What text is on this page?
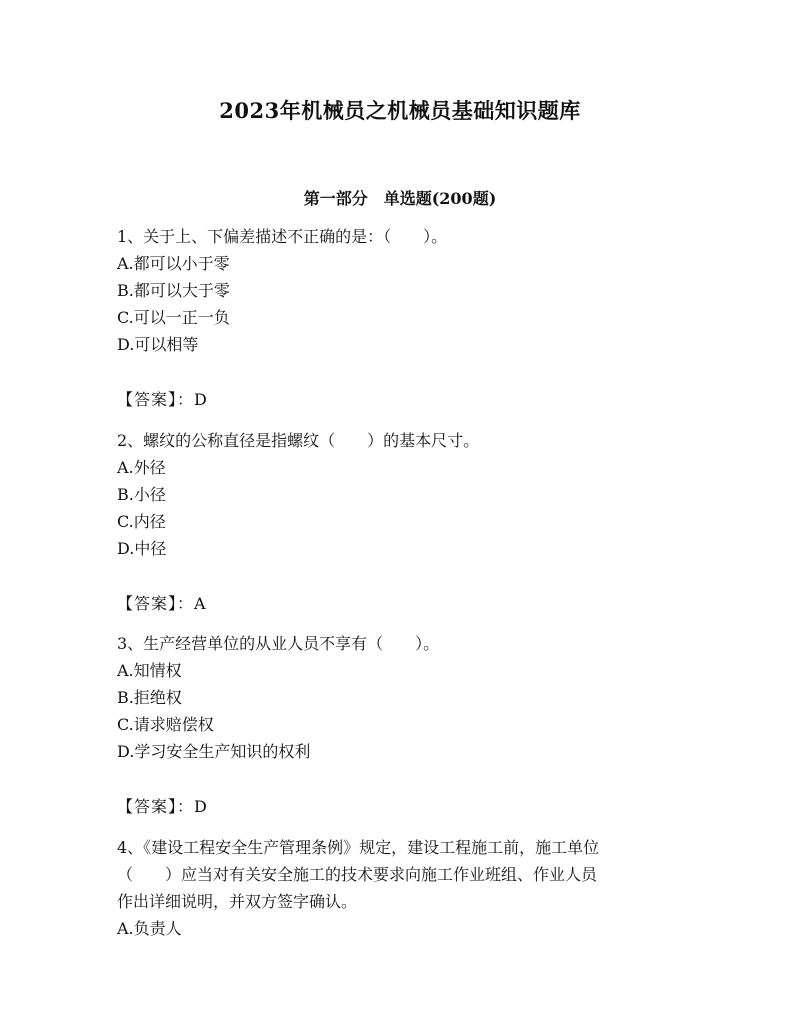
2023年机械员之机械员基础知识题库
第一部分　单选题(200题)
1、关于上、下偏差描述不正确的是：（　　）。
A.都可以小于零
B.都可以大于零
C.可以一正一负
D.可以相等
【答案】：D
2、螺纹的公称直径是指螺纹（　　）的基本尺寸。
A.外径
B.小径
C.内径
D.中径
【答案】：A
3、生产经营单位的从业人员不享有（　　）。
A.知情权
B.拒绝权
C.请求赔偿权
D.学习安全生产知识的权利
【答案】：D
4、《建设工程安全生产管理条例》规定，建设工程施工前，施工单位
（　　）应当对有关安全施工的技术要求向施工作业班组、作业人员
作出详细说明，并双方签字确认。
A.负责人
